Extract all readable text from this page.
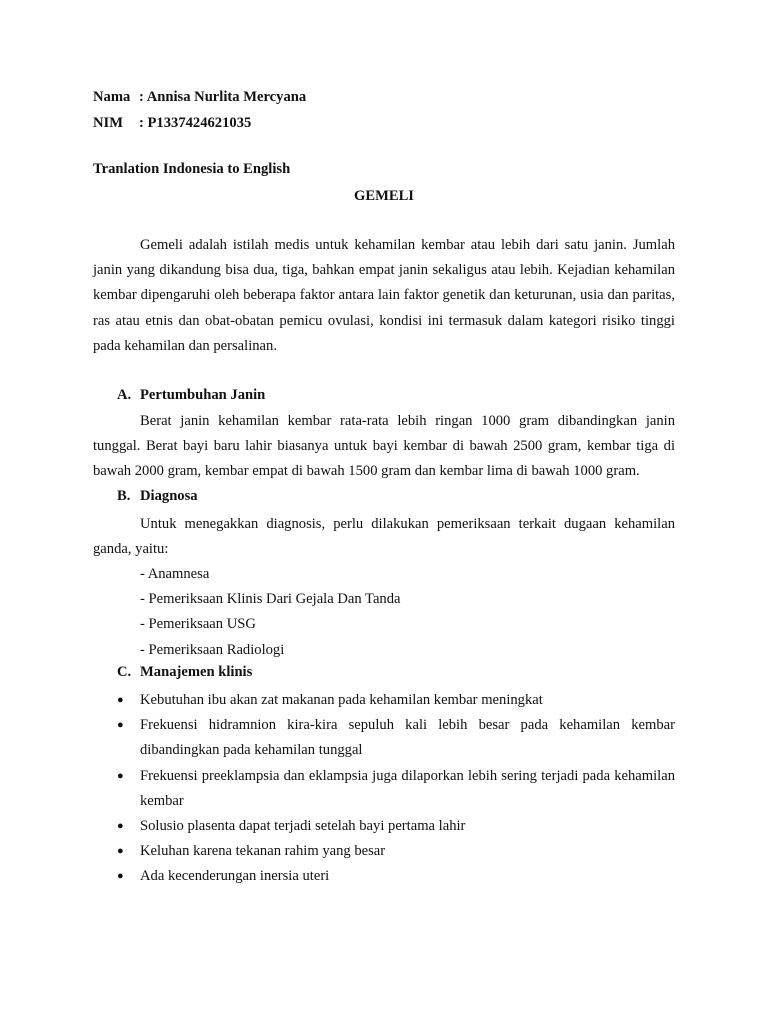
Nama : Annisa Nurlita Mercyana
NIM	: P1337424621035
Tranlation Indonesia to English
GEMELI

Gemeli adalah istilah medis untuk kehamilan kembar atau lebih dari satu janin. Jumlah janin yang dikandung bisa dua, tiga, bahkan empat janin sekaligus atau lebih. Kejadian kehamilan kembar dipengaruhi oleh beberapa faktor antara lain faktor genetik dan keturunan, usia dan paritas, ras atau etnis dan obat-obatan pemicu ovulasi, kondisi ini termasuk dalam kategori risiko tinggi pada kehamilan dan persalinan.

A. Pertumbuhan Janin

Berat janin kehamilan kembar rata-rata lebih ringan 1000 gram dibandingkan janin tunggal. Berat bayi baru lahir biasanya untuk bayi kembar di bawah 2500 gram, kembar tiga di bawah 2000 gram, kembar empat di bawah 1500 gram dan kembar lima di bawah 1000 gram.

B. Diagnosa

Untuk menegakkan diagnosis, perlu dilakukan pemeriksaan terkait dugaan kehamilan ganda, yaitu:

- Anamnesa
- Pemeriksaan Klinis Dari Gejala Dan Tanda
- Pemeriksaan USG
- Pemeriksaan Radiologi
C. Manajemen klinis
●	Kebutuhan ibu akan zat makanan pada kehamilan kembar meningkat
●	Frekuensi hidramnion kira-kira sepuluh kali lebih besar pada kehamilan kembar dibandingkan pada kehamilan tunggal
●	Frekuensi preeklampsia dan eklampsia juga dilaporkan lebih sering terjadi pada kehamilan kembar
●	Solusio plasenta dapat terjadi setelah bayi pertama lahir
●	Keluhan karena tekanan rahim yang besar
●	Ada kecenderungan inersia uteri
